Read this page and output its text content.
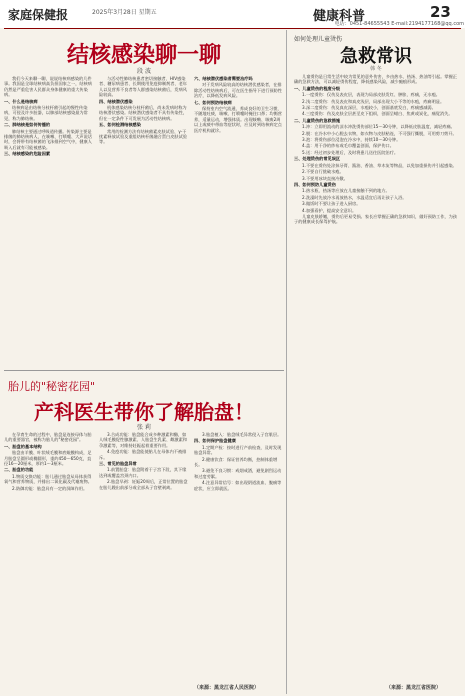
家庭保健报	2025年3月28日 星期五	健康科普	23
电话：0451-84655543 E-mail:2194177168@qq.com
结核感染聊一聊
段 波

我们今天来聊一聊，说说结核病感染的几件事。我国是全球结核病高负担国家之一，结核病仍然是严重危害人民群众身体健康的重大传染病。

一、什么是结核病

结核病是由结核分枝杆菌引起的慢性传染病，可侵及许多脏器，以肺部结核感染最为常见，称为肺结核。

二、肺结核是如何传播的

肺结核主要通过呼吸道传播。传染源主要是排菌的肺结核病人，在咳嗽、打喷嚏、大声说话时，会将带有结核菌的飞沫排到空气中，健康人吸入后就有可能被感染。

三、结核感染的危险因素

与活动性肺结核患者密切接触者、HIV感染者、糖尿病患者、长期使用免疫抑制剂者、老年人以及营养不良者等人群感染结核菌后，发病风险较高。

四、结核潜伏感染

机体感染结核分枝杆菌后，尚未发病时称为结核潜伏感染。结核潜伏感染者不具有传染性，但在一定条件下可发展为活动性结核病。

五、如何检测结核感染

常用的检测方法有结核菌素皮肤试验、γ-干扰素释放试验及重组结核杆菌融合蛋白皮肤试验等。

六、结核潜伏感染者需要治疗吗

对于发病风险较高的结核潜伏感染者，在排除活动性结核病后，可在医生指导下进行预防性治疗，以降低发病风险。

七、如何预防结核病

保持室内空气流通，养成良好的卫生习惯，不随地吐痰，咳嗽、打喷嚏时掩住口鼻；均衡营养，适量运动，增强体质。出现咳嗽、咳痰2周以上或痰中带血等症状时，应及时到结核病定点医疗机构就诊。

胎儿的"秘密花园"
产科医生带你了解胎盘！
张 莉

在孕育生命的过程中，胎盘是连接母体与胎儿的重要器官，被称为胎儿的"秘密花园"。

一、胎盘的基本结构

胎盘由羊膜、叶状绒毛膜和底蜕膜构成，足月胎盘呈圆形或椭圆形，重约450～650克，直径16～20厘米，厚约1～3厘米。

二、胎盘的功能

1.物质交换功能：胎儿通过胎盘从母体获得氧气和营养物质，并排出二氧化碳及代谢废物。

2.防御功能：胎盘具有一定的屏障作用。

3.合成功能：胎盘能合成多种激素和酶，如人绒毛膜促性腺激素、人胎盘生乳素、雌激素和孕激素等，对维持妊娠起着重要作用。

4.免疫功能：胎盘能使胎儿在母体内不被排斥。

三、常见的胎盘异常

1.前置胎盘：胎盘附着于子宫下段，其下缘达到或覆盖宫颈内口。

2.胎盘早剥：妊娠20周后，正常位置的胎盘在胎儿娩出前部分或全部从子宫壁剥离。

3.胎盘植入：胎盘绒毛异常侵入子宫肌层。

四、如何保护胎盘健康

1.定期产检：按时进行产前检查，及时发现胎盘异常。

2.健康饮食：保证营养均衡，控制体重增长。

3.避免不良习惯：戒烟戒酒，避免剧烈运动和过度劳累。

4.注意异常信号：如出现阴道流血、腹痛等症状，应立即就医。

（来源：黑龙江省人民医院）
如何处理儿童烫伤
急救常识
韩 冬

儿童烫伤是日常生活中较为常见的意外伤害，多由热水、热汤、热油等引起。掌握正确的急救方法，可以减轻烫伤程度，降低感染风险，减少瘢痕形成。

一、儿童烫伤的程度分级

1.一度烫伤：仅伤及表皮层，表现为局部皮肤发红、肿胀、疼痛，无水疱。

2.浅二度烫伤：伤及表皮和真皮浅层，局部出现大小不等的水疱，疼痛明显。

3.深二度烫伤：伤及真皮深层，水疱较小，创面基底发白，疼痛感减弱。

4.三度烫伤：伤及皮肤全层甚至皮下组织，创面呈蜡白、焦黄或炭化，痛觉消失。

二、儿童烫伤的急救措施

1.冲：立即用流动的凉水冲洗烫伤部位15～30分钟，以降低皮肤温度，减轻疼痛。

2.脱：在冷水中小心脱去衣物，如衣物与皮肤粘连，不可强行撕脱，可用剪刀剪开。

3.泡：将烫伤部位浸泡在冷水中，持续10～30分钟。

4.盖：用干净的纱布或毛巾覆盖创面，保护伤口。

5.送：经过初步处理后，及时将患儿送往医院治疗。

三、处理烫伤的常见误区

1.不要在烫伤处涂抹牙膏、酱油、香油、草木灰等物品，以免加重损伤并引起感染。

2.不要自行挑破水疱。

3.不要用冰块直接冷敷。

四、如何预防儿童烫伤

1.热水瓶、热汤等应放在儿童接触不到的地方。

2.洗澡时先放冷水再放热水，水温适宜后再让孩子入浴。

3.做饭时不要让孩子进入厨房。

4.加强看护，提高安全意识。

儿童皮肤娇嫩，烫伤后更易受损。家长应掌握正确的急救知识，做好预防工作，为孩子的健康成长保驾护航。

（来源：黑龙江省医院）
